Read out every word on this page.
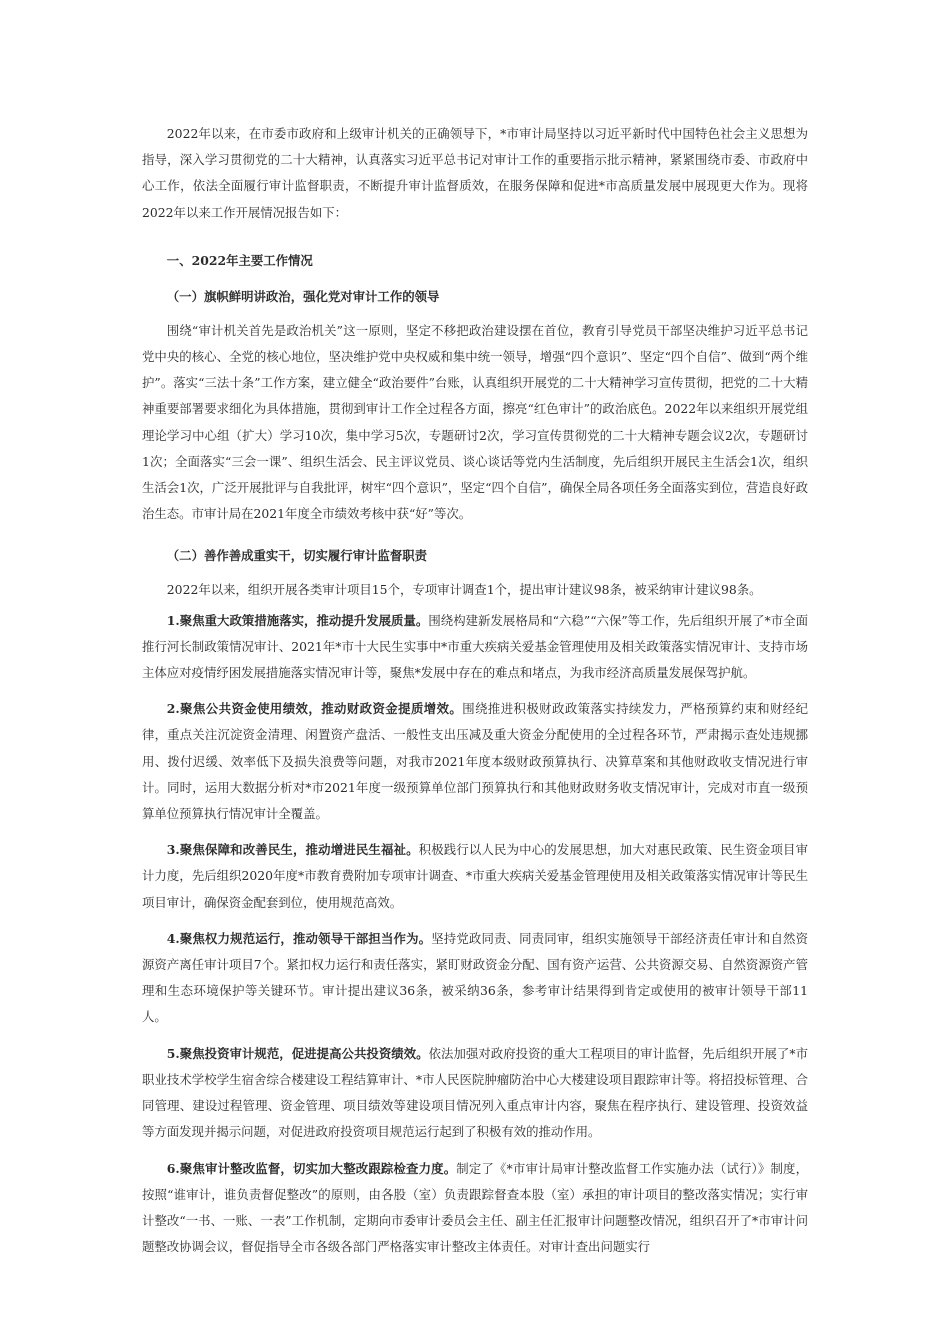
2022年以来，在市委市政府和上级审计机关的正确领导下，*市审计局坚持以习近平新时代中国特色社会主义思想为指导，深入学习贯彻党的二十大精神，认真落实习近平总书记对审计工作的重要指示批示精神，紧紧围绕市委、市政府中心工作，依法全面履行审计监督职责，不断提升审计监督质效，在服务保障和促进*市高质量发展中展现更大作为。现将2022年以来工作开展情况报告如下：

一、2022年主要工作情况

（一）旗帜鲜明讲政治，强化党对审计工作的领导

围绕“审计机关首先是政治机关”这一原则，坚定不移把政治建设摆在首位，教育引导党员干部坚决维护习近平总书记党中央的核心、全党的核心地位，坚决维护党中央权威和集中统一领导，增强“四个意识”、坚定“四个自信”、做到“两个维护”。落实“三法十条”工作方案，建立健全“政治要件”台账，认真组织开展党的二十大精神学习宣传贯彻，把党的二十大精神重要部署要求细化为具体措施，贯彻到审计工作全过程各方面，擦亮“红色审计”的政治底色。2022年以来组织开展党组理论学习中心组（扩大）学习10次，集中学习5次，专题研讨2次，学习宣传贯彻党的二十大精神专题会议2次，专题研讨1次；全面落实“三会一课”、组织生活会、民主评议党员、谈心谈话等党内生活制度，先后组织开展民主生活会1次，组织生活会1次，广泛开展批评与自我批评，树牢“四个意识”，坚定“四个自信”，确保全局各项任务全面落实到位，营造良好政治生态。市审计局在2021年度全市绩效考核中获“好”等次。

（二）善作善成重实干，切实履行审计监督职责

2022年以来，组织开展各类审计项目15个，专项审计调查1个，提出审计建议98条，被采纳审计建议98条。

1.聚焦重大政策措施落实，推动提升发展质量。围绕构建新发展格局和“六稳”“六保”等工作，先后组织开展了*市全面推行河长制政策情况审计、2021年*市十大民生实事中*市重大疾病关爱基金管理使用及相关政策落实情况审计、支持市场主体应对疫情纾困发展措施落实情况审计等，聚焦*发展中存在的难点和堵点，为我市经济高质量发展保驾护航。

2.聚焦公共资金使用绩效，推动财政资金提质增效。围绕推进积极财政政策落实持续发力，严格预算约束和财经纪律，重点关注沉淀资金清理、闲置资产盘活、一般性支出压减及重大资金分配使用的全过程各环节，严肃揭示查处违规挪用、拨付迟缓、效率低下及损失浪费等问题，对我市2021年度本级财政预算执行、决算草案和其他财政收支情况进行审计。同时，运用大数据分析对*市2021年度一级预算单位部门预算执行和其他财政财务收支情况审计，完成对市直一级预算单位预算执行情况审计全覆盖。

3.聚焦保障和改善民生，推动增进民生福祉。积极践行以人民为中心的发展思想，加大对惠民政策、民生资金项目审计力度，先后组织2020年度*市教育费附加专项审计调查、*市重大疾病关爱基金管理使用及相关政策落实情况审计等民生项目审计，确保资金配套到位，使用规范高效。

4.聚焦权力规范运行，推动领导干部担当作为。坚持党政同责、同责同审，组织实施领导干部经济责任审计和自然资源资产离任审计项目7个。紧扣权力运行和责任落实，紧盯财政资金分配、国有资产运营、公共资源交易、自然资源资产管理和生态环境保护等关键环节。审计提出建议36条，被采纳36条，参考审计结果得到肯定或使用的被审计领导干部11人。

5.聚焦投资审计规范，促进提高公共投资绩效。依法加强对政府投资的重大工程项目的审计监督，先后组织开展了*市职业技术学校学生宿舍综合楼建设工程结算审计、*市人民医院肿瘤防治中心大楼建设项目跟踪审计等。将招投标管理、合同管理、建设过程管理、资金管理、项目绩效等建设项目情况列入重点审计内容，聚焦在程序执行、建设管理、投资效益等方面发现并揭示问题，对促进政府投资项目规范运行起到了积极有效的推动作用。

6.聚焦审计整改监督，切实加大整改跟踪检查力度。制定了《*市审计局审计整改监督工作实施办法（试行）》制度，按照“谁审计，谁负责督促整改”的原则，由各股（室）负责跟踪督查本股（室）承担的审计项目的整改落实情况；实行审计整改“一书、一账、一表”工作机制，定期向市委审计委员会主任、副主任汇报审计问题整改情况，组织召开了*市审计问题整改协调会议，督促指导全市各级各部门严格落实审计整改主体责任。对审计查出问题实行
